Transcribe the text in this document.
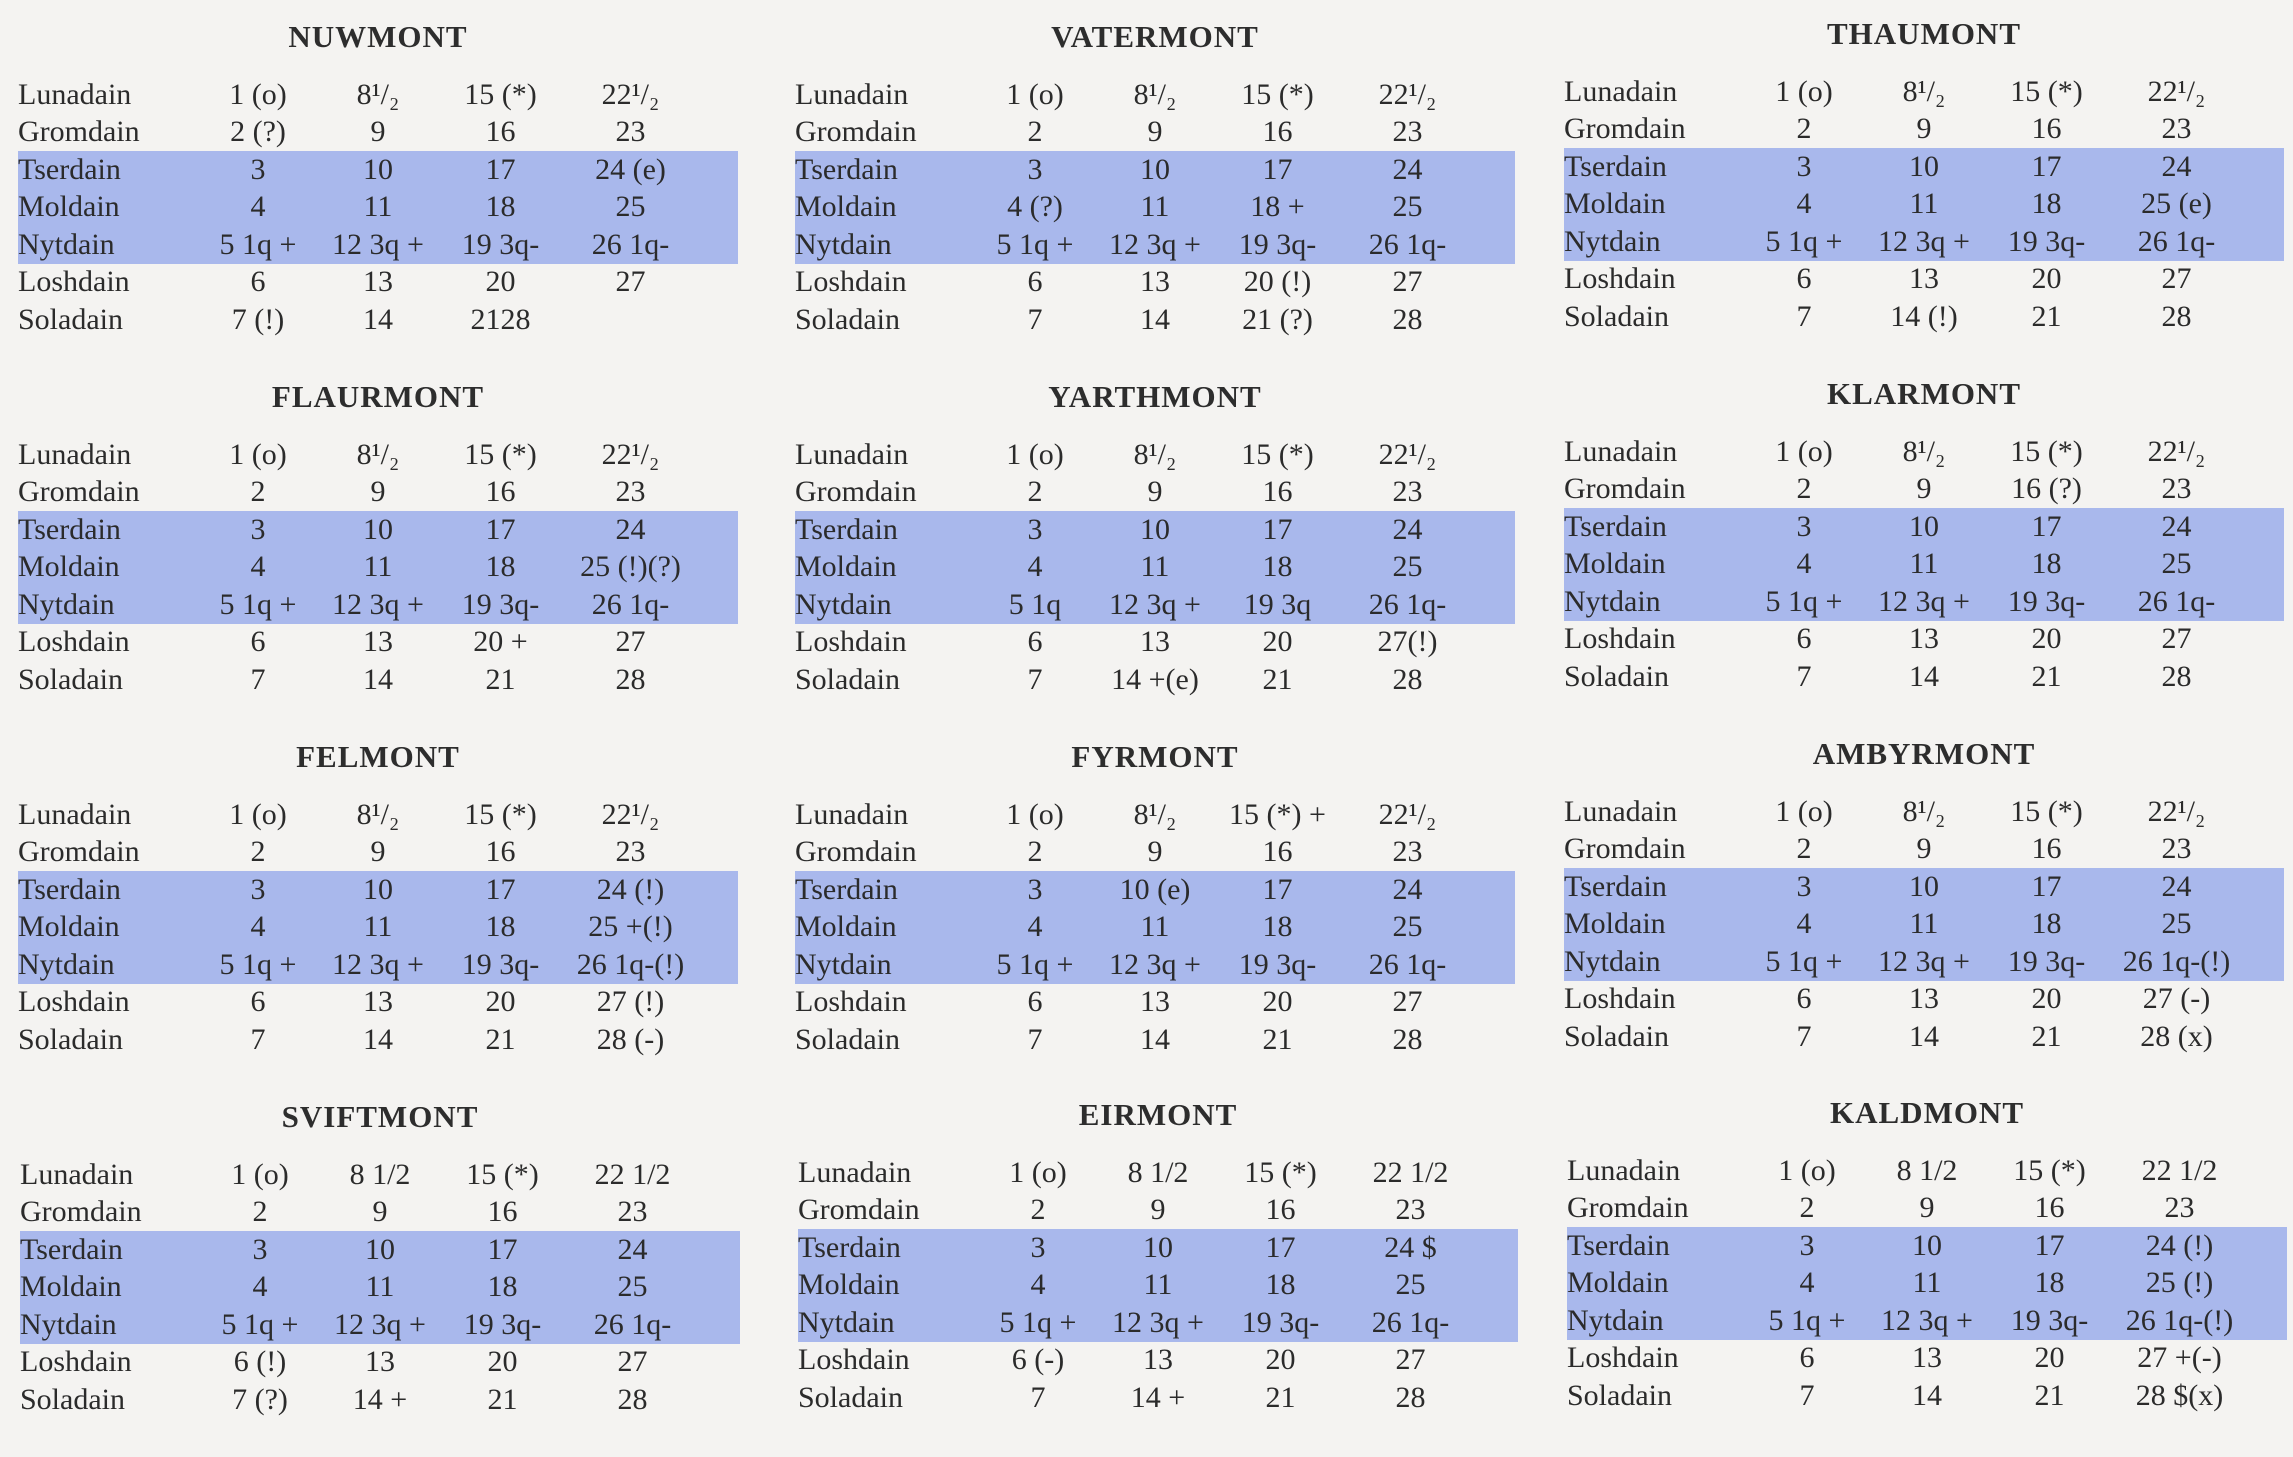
NUWMONT
Lunadain	1 (o)	8¹/₂	15 (*)	22¹/₂
Gromdain	2 (?)	9	16	23
Tserdain	3	10	17	24 (e)
Moldain	4	11	18	25
Nytdain	5 1q +	12 3q +	19 3q-	26 1q-
Loshdain	6	13	20	27
Soladain	7 (!)	14	2128
VATERMONT
Lunadain	1 (o)	8¹/₂	15 (*)	22¹/₂
Gromdain	2	9	16	23
Tserdain	3	10	17	24
Moldain	4 (?)	11	18 +	25
Nytdain	5 1q +	12 3q +	19 3q-	26 1q-
Loshdain	6	13	20 (!)	27
Soladain	7	14	21 (?)	28
THAUMONT
Lunadain	1 (o)	8¹/₂	15 (*)	22¹/₂
Gromdain	2	9	16	23
Tserdain	3	10	17	24
Moldain	4	11	18	25 (e)
Nytdain	5 1q +	12 3q +	19 3q-	26 1q-
Loshdain	6	13	20	27
Soladain	7	14 (!)	21	28
FLAURMONT
Lunadain	1 (o)	8¹/₂	15 (*)	22¹/₂
Gromdain	2	9	16	23
Tserdain	3	10	17	24
Moldain	4	11	18	25 (!)(?)
Nytdain	5 1q +	12 3q +	19 3q-	26 1q-
Loshdain	6	13	20 +	27
Soladain	7	14	21	28
YARTHMONT
Lunadain	1 (o)	8¹/₂	15 (*)	22¹/₂
Gromdain	2	9	16	23
Tserdain	3	10	17	24
Moldain	4	11	18	25
Nytdain	5 1q	12 3q +	19 3q	26 1q-
Loshdain	6	13	20	27(!)
Soladain	7	14 +(e)	21	28
KLARMONT
Lunadain	1 (o)	8¹/₂	15 (*)	22¹/₂
Gromdain	2	9	16 (?)	23
Tserdain	3	10	17	24
Moldain	4	11	18	25
Nytdain	5 1q +	12 3q +	19 3q-	26 1q-
Loshdain	6	13	20	27
Soladain	7	14	21	28
FELMONT
Lunadain	1 (o)	8¹/₂	15 (*)	22¹/₂
Gromdain	2	9	16	23
Tserdain	3	10	17	24 (!)
Moldain	4	11	18	25 +(!)
Nytdain	5 1q +	12 3q +	19 3q-	26 1q-(!)
Loshdain	6	13	20	27 (!)
Soladain	7	14	21	28 (-)
FYRMONT
Lunadain	1 (o)	8¹/₂	15 (*) +	22¹/₂
Gromdain	2	9	16	23
Tserdain	3	10 (e)	17	24
Moldain	4	11	18	25
Nytdain	5 1q +	12 3q +	19 3q-	26 1q-
Loshdain	6	13	20	27
Soladain	7	14	21	28
AMBYRMONT
Lunadain	1 (o)	8¹/₂	15 (*)	22¹/₂
Gromdain	2	9	16	23
Tserdain	3	10	17	24
Moldain	4	11	18	25
Nytdain	5 1q +	12 3q +	19 3q-	26 1q-(!)
Loshdain	6	13	20	27 (-)
Soladain	7	14	21	28 (x)
SVIFTMONT
Lunadain	1 (o)	8 1/2	15 (*)	22 1/2
Gromdain	2	9	16	23
Tserdain	3	10	17	24
Moldain	4	11	18	25
Nytdain	5 1q +	12 3q +	19 3q-	26 1q-
Loshdain	6 (!)	13	20	27
Soladain	7 (?)	14 +	21	28
EIRMONT
Lunadain	1 (o)	8 1/2	15 (*)	22 1/2
Gromdain	2	9	16	23
Tserdain	3	10	17	24 $
Moldain	4	11	18	25
Nytdain	5 1q +	12 3q +	19 3q-	26 1q-
Loshdain	6 (-)	13	20	27
Soladain	7	14 +	21	28
KALDMONT
Lunadain	1 (o)	8 1/2	15 (*)	22 1/2
Gromdain	2	9	16	23
Tserdain	3	10	17	24 (!)
Moldain	4	11	18	25 (!)
Nytdain	5 1q +	12 3q +	19 3q-	26 1q-(!)
Loshdain	6	13	20	27 +(-)
Soladain	7	14	21	28 $(x)
